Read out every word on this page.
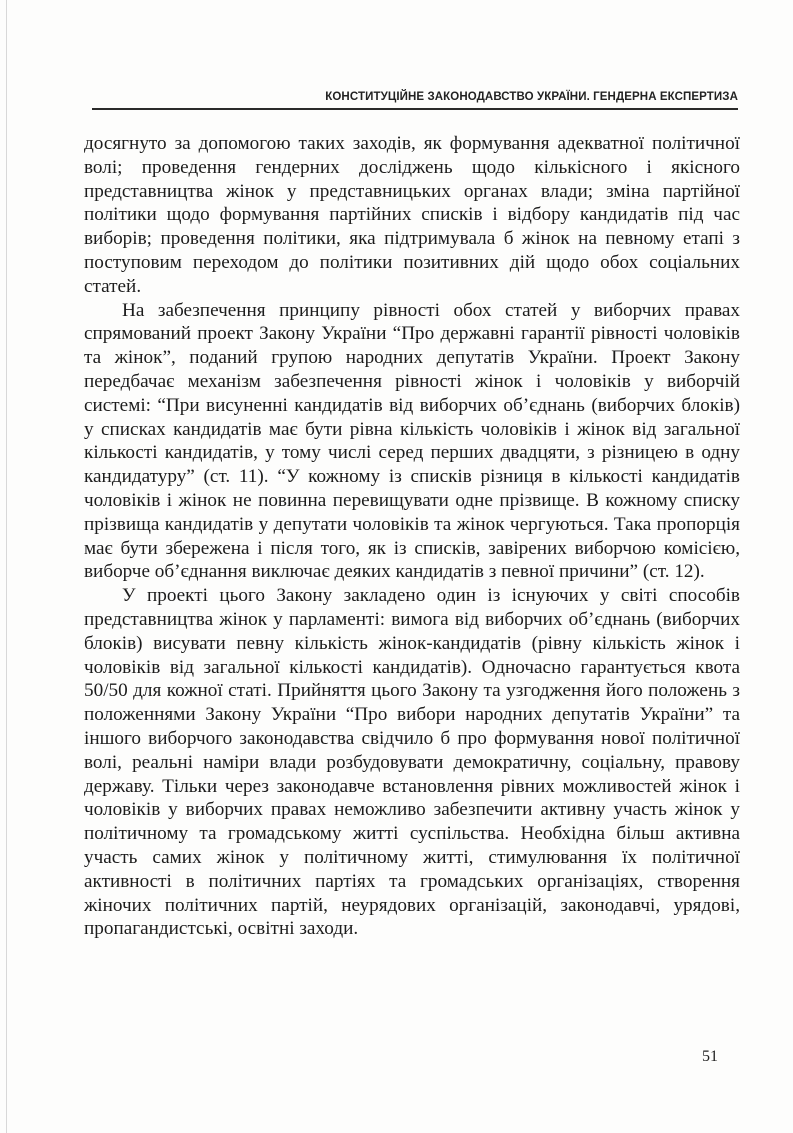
КОНСТИТУЦІЙНЕ ЗАКОНОДАВСТВО УКРАЇНИ. ГЕНДЕРНА ЕКСПЕРТИЗА

досягнуто за допомогою таких заходів, як формування адекватної політичної волі; проведення гендерних досліджень щодо кількісного і якісного представництва жінок у представницьких органах влади; зміна партійної політики щодо формування партійних списків і відбору кандидатів під час виборів; проведення політики, яка підтримувала б жінок на певному етапі з поступовим переходом до політики позитивних дій щодо обох соціальних статей.

На забезпечення принципу рівності обох статей у виборчих правах спрямований проект Закону України “Про державні гарантії рівності чоловіків та жінок”, поданий групою народних депутатів України. Проект Закону передбачає механізм забезпечення рівності жінок і чоловіків у виборчій системі: “При висуненні кандидатів від виборчих об’єднань (виборчих блоків) у списках кандидатів має бути рівна кількість чоловіків і жінок від загальної кількості кандидатів, у тому числі серед перших двадцяти, з різницею в одну кандидатуру” (ст. 11). “У кожному із списків різниця в кількості кандидатів чоловіків і жінок не повинна перевищувати одне прізвище. В кожному списку прізвища кандидатів у депутати чоловіків та жінок чергуються. Така пропорція має бути збережена і після того, як із списків, завірених виборчою комісією, виборче об’єднання виключає деяких кандидатів з певної причини” (ст. 12).

У проекті цього Закону закладено один із існуючих у світі способів представництва жінок у парламенті: вимога від виборчих об’єднань (виборчих блоків) висувати певну кількість жінок-кандидатів (рівну кількість жінок і чоловіків від загальної кількості кандидатів). Одночасно гарантується квота 50/50 для кожної статі. Прийняття цього Закону та узгодження його положень з положеннями Закону України “Про вибори народних депутатів України” та іншого виборчого законодавства свідчило б про формування нової політичної волі, реальні наміри влади розбудовувати демократичну, соціальну, правову державу. Тільки через законодавче встановлення рівних можливостей жінок і чоловіків у виборчих правах неможливо забезпечити активну участь жінок у політичному та громадському житті суспільства. Необхідна більш активна участь самих жінок у політичному житті, стимулювання їх політичної активності в політичних партіях та громадських організаціях, створення жіночих політичних партій, неурядових організацій, законодавчі, урядові, пропагандистські, освітні заходи.

51
